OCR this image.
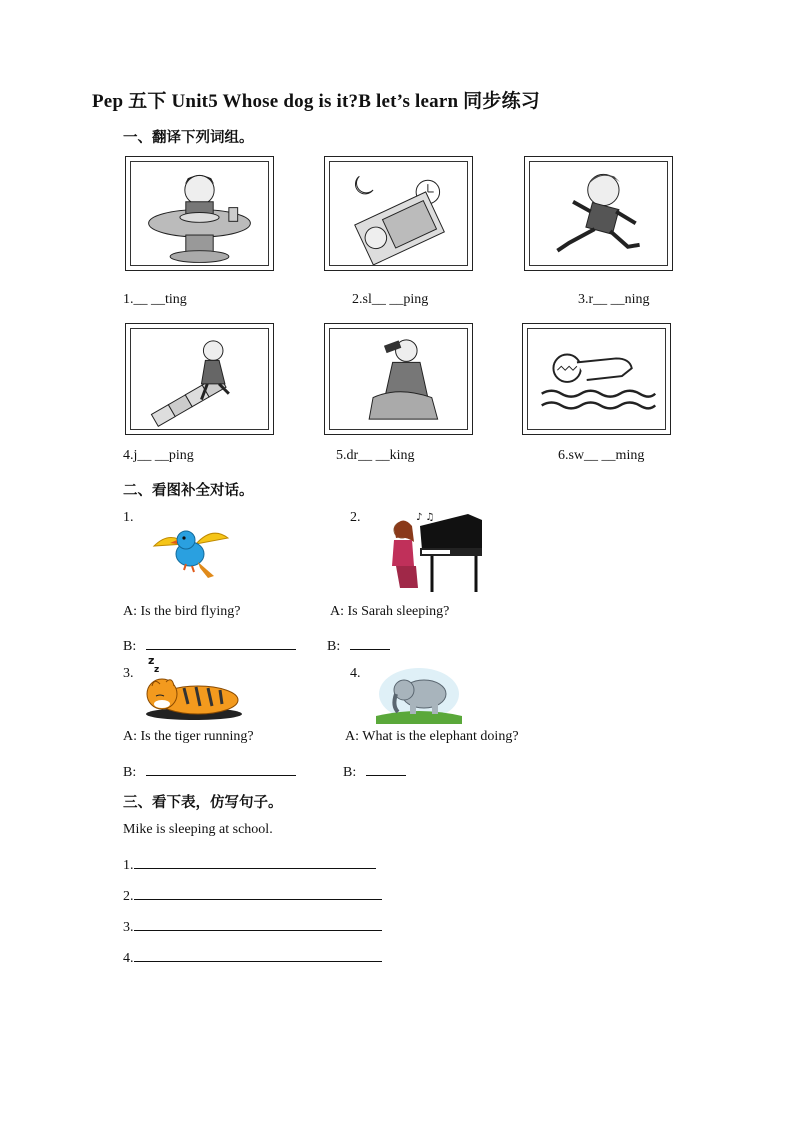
Pep 五下 Unit5 Whose dog is it?B let’s learn 同步练习
一、翻译下列词组。
1.__ __ting	2.sl__ __ping	3.r__ __ning
4.j__ __ping	5.dr__ __king	6.sw__ __ming
二、看图补全对话。
1.	2.	♪ ♫
A: Is the bird flying?	A: Is Sarah sleeping?
B:	B:
3.
z
z	4.
A: Is the tiger running?	A: What is the elephant doing?
B:	B:
三、看下表，仿写句子。
Mike is sleeping at school.
1.
2.
3.
4.
